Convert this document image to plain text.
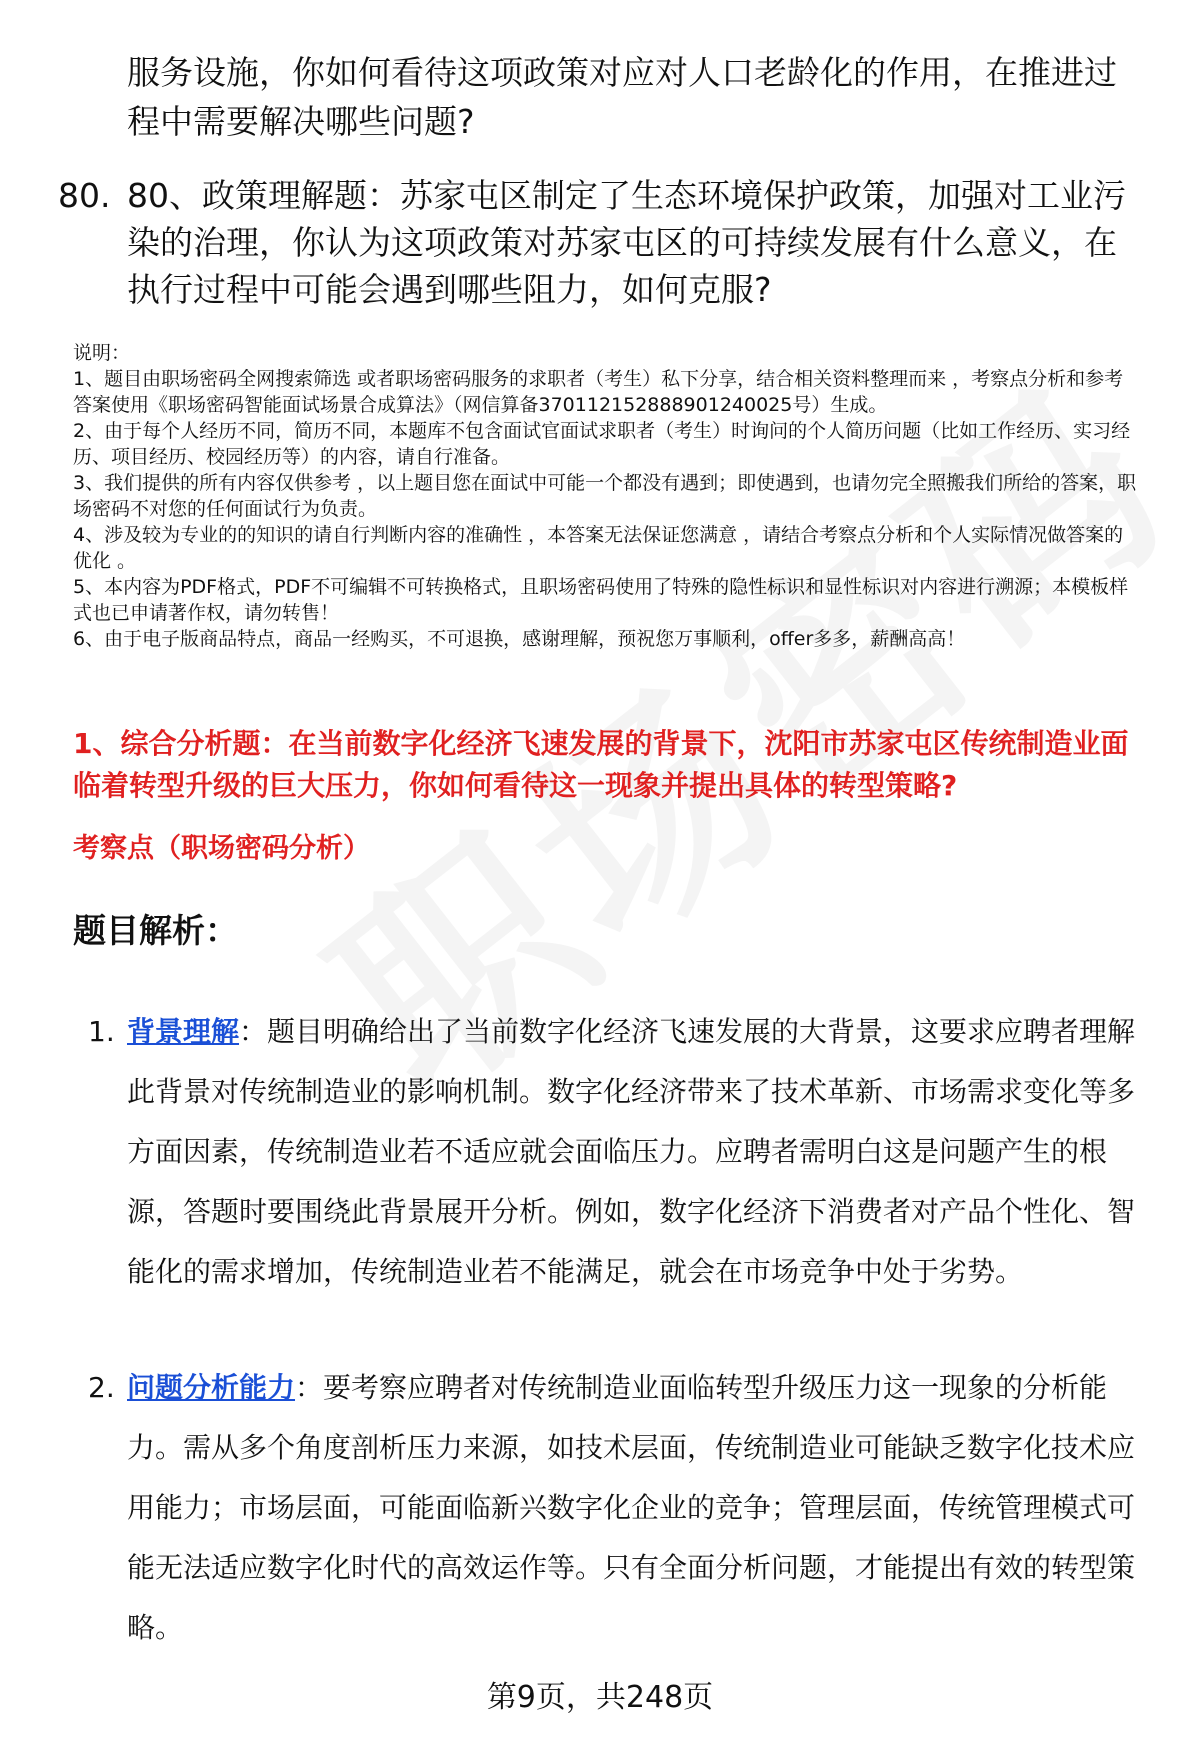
服务设施，你如何看待这项政策对应对人口老龄化的作用，在推进过程中需要解决哪些问题?
80. 80、政策理解题：苏家屯区制定了生态环境保护政策，加强对工业污染的治理，你认为这项政策对苏家屯区的可持续发展有什么意义，在执行过程中可能会遇到哪些阻力，如何克服?

说明：

1、题目由职场密码全网搜索筛选 或者职场密码服务的求职者（考生）私下分享，结合相关资料整理而来 ，考察点分析和参考答案使用《职场密码智能面试场景合成算法》（网信算备370112152888901240025号）生成。

2、由于每个人经历不同，简历不同，本题库不包含面试官面试求职者（考生）时询问的个人简历问题（比如工作经历、实习经历、项目经历、校园经历等）的内容，请自行准备。

3、我们提供的所有内容仅供参考 ，以上题目您在面试中可能一个都没有遇到；即使遇到，也请勿完全照搬我们所给的答案，职场密码不对您的任何面试行为负责。

4、涉及较为专业的的知识的请自行判断内容的准确性 ，本答案无法保证您满意 ，请结合考察点分析和个人实际情况做答案的优化 。

5、本内容为PDF格式，PDF不可编辑不可转换格式，且职场密码使用了特殊的隐性标识和显性标识对内容进行溯源；本模板样式也已申请著作权，请勿转售！

6、由于电子版商品特点，商品一经购买，不可退换，感谢理解，预祝您万事顺利，offer多多，薪酬高高！

1、综合分析题：在当前数字化经济飞速发展的背景下，沈阳市苏家屯区传统制造业面临着转型升级的巨大压力，你如何看待这一现象并提出具体的转型策略?
考察点（职场密码分析）
题目解析：
1. 背景理解：题目明确给出了当前数字化经济飞速发展的大背景，这要求应聘者理解此背景对传统制造业的影响机制。数字化经济带来了技术革新、市场需求变化等多方面因素，传统制造业若不适应就会面临压力。应聘者需明白这是问题产生的根源，答题时要围绕此背景展开分析。例如，数字化经济下消费者对产品个性化、智能化的需求增加，传统制造业若不能满足，就会在市场竞争中处于劣势。
2. 问题分析能力：要考察应聘者对传统制造业面临转型升级压力这一现象的分析能力。需从多个角度剖析压力来源，如技术层面，传统制造业可能缺乏数字化技术应用能力；市场层面，可能面临新兴数字化企业的竞争；管理层面，传统管理模式可能无法适应数字化时代的高效运作等。只有全面分析问题，才能提出有效的转型策略。
第9页，共248页
